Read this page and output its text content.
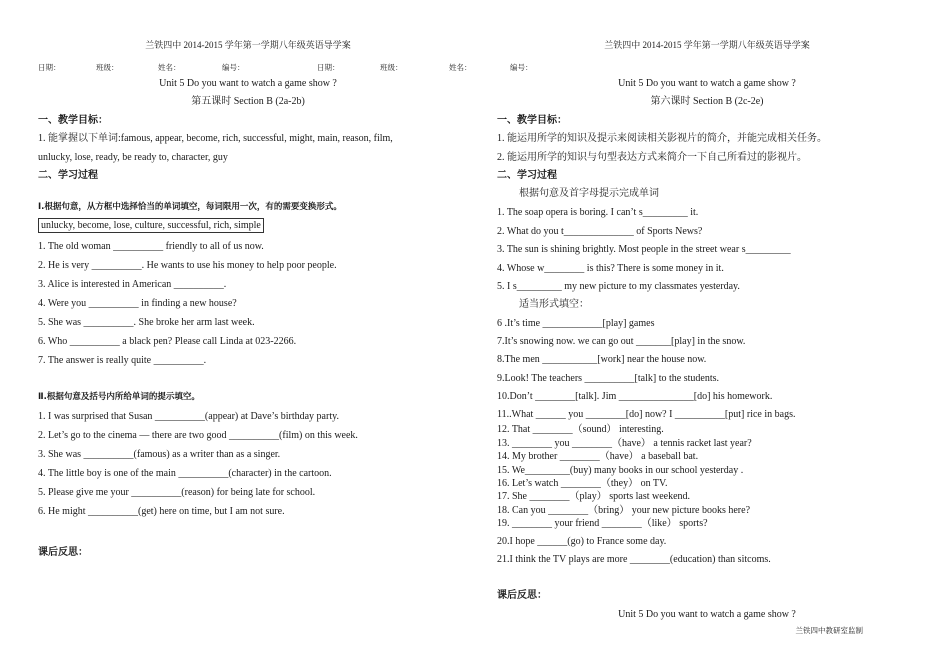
兰铁四中 2014-2015 学年第一学期八年级英语导学案
日期：	班级：	姓名：	编号：
Unit 5 Do you want to watch a game show ?
第五课时 Section B (2a-2b)
一、教学目标：
1. 能掌握以下单词:famous, appear, become, rich, successful, might, main, reason, film,
unlucky, lose, ready, be ready to, character, guy
二、学习过程
Ⅰ.根据句意，从方框中选择恰当的单词填空，每词限用一次，有的需要变换形式。
unlucky, become, lose, culture, successful, rich, simple
1. The old woman __________ friendly to all of us now.
2. He is very __________. He wants to use his money to help poor people.
3. Alice is interested in American __________.
4. Were you __________ in finding a new house?
5. She was __________. She broke her arm last week.
6. Who __________ a black pen? Please call Linda at 023-2266.
7. The answer is really quite __________.
Ⅱ.根据句意及括号内所给单词的提示填空。
1. I was surprised that Susan __________(appear) at Dave’s birthday party.
2. Let’s go to the cinema — there are two good __________(film) on this week.
3. She was __________(famous) as a writer than as a singer.
4. The little boy is one of the main __________(character) in the cartoon.
5. Please give me your __________(reason) for being late for school.
6. He might __________(get) here on time, but I am not sure.
课后反思：
兰铁四中 2014-2015 学年第一学期八年级英语导学案
日期：	班级：	姓名：	编号：
Unit 5 Do you want to watch a game show ?
第六课时 Section B (2c-2e)
一、教学目标：
1. 能运用所学的知识及提示来阅读相关影视片的简介，并能完成相关任务。
2. 能运用所学的知识与句型表达方式来简介一下自己所看过的影视片。
二、学习过程
根据句意及首字母提示完成单词
1. The soap opera is boring. I can’t s_________ it.
2. What do you t______________ of Sports News?
3. The sun is shining brightly. Most people in the street wear s_________
4. Whose w________ is this? There is some money in it.
5. I s_________ my new picture to my classmates yesterday.
适当形式填空：
6 .It’s time ____________[play] games
7.It’s snowing now. we can go out _______[play] in the snow.
8.The men ___________[work] near the house now.
9.Look! The teachers __________[talk] to the students.
10.Don’t ________[talk]. Jim _______________[do] his homework.
11..What ______ you ________[do] now? I __________[put] rice in bags.
12. That ________（sound） interesting.
13. ________ you ________（have） a tennis racket last year?
14. My brother ________（have） a baseball bat.
15. We_________(buy) many books in our school yesterday .
16. Let’s watch ________（they） on TV.
17. She ________（play） sports last weekend.
18. Can you ________（bring） your new picture books here?
19. ________ your friend ________（like） sports?
20.I hope ______(go) to France some day.
21.I think the TV plays are more ________(education) than sitcoms.
课后反思：
Unit 5 Do you want to watch a game show ?
兰铁四中教研室监制
